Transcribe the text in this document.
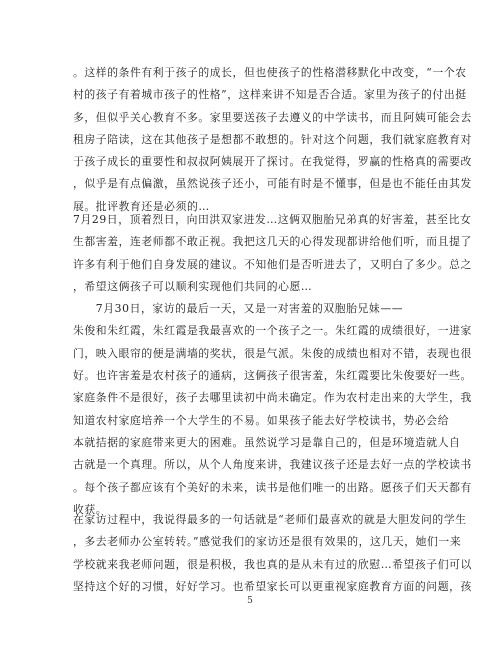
。这样的条件有利于孩子的成长，但也使孩子的性格潜移默化中改变，“一个农
村的孩子有着城市孩子的性格”，这样来讲不知是否合适。家里为孩子的付出挺
多，但似乎关心教育不多。家里要送孩子去遵义的中学读书，而且阿姨可能会去
租房子陪读，这在其他孩子是想都不敢想的。针对这个问题，我们就家庭教育对
于孩子成长的重要性和叔叔阿姨展开了探讨。在我觉得，罗赢的性格真的需要改
，似乎是有点偏激，虽然说孩子还小，可能有时是不懂事，但是也不能任由其发
展。批评教育还是必须的…
7月29日，顶着烈日，向田洪双家进发…这俩双胞胎兄弟真的好害羞，甚至比女
生都害羞，连老师都不敢正视。我把这几天的心得发现都讲给他们听，而且提了
许多有利于他们自身发展的建议。不知他们是否听进去了，又明白了多少。总之
，希望这俩孩子可以顺利实现他们共同的心愿…
　　7月30日，家访的最后一天，又是一对害羞的双胞胎兄妹——
朱俊和朱红霞，朱红霞是我最喜欢的一个孩子之一。朱红霞的成绩很好，一进家
门，映入眼帘的便是满墙的奖状，很是气派。朱俊的成绩也相对不错，表现也很
好。也许害羞是农村孩子的通病，这俩孩子很害羞，朱红霞要比朱俊要好一些。
家庭条件不是很好，孩子去哪里读初中尚未确定。作为农村走出来的大学生，我
知道农村家庭培养一个大学生的不易。如果孩子能去好学校读书，势必会给
本就拮据的家庭带来更大的困难。虽然说学习是靠自己的，但是环境造就人自
古就是一个真理。所以，从个人角度来讲，我建议孩子还是去好一点的学校读书
。每个孩子都应该有个美好的未来，读书是他们唯一的出路。愿孩子们天天都有
收获。
在家访过程中，我说得最多的一句话就是“老师们最喜欢的就是大胆发问的学生
，多去老师办公室转转。”感觉我们的家访还是很有效果的，这几天，她们一来
学校就来我老师问题，很是积极，我也真的是从未有过的欣慰…希望孩子们可以
坚持这个好的习惯，好好学习。也希望家长可以更重视家庭教育方面的问题，孩
5
